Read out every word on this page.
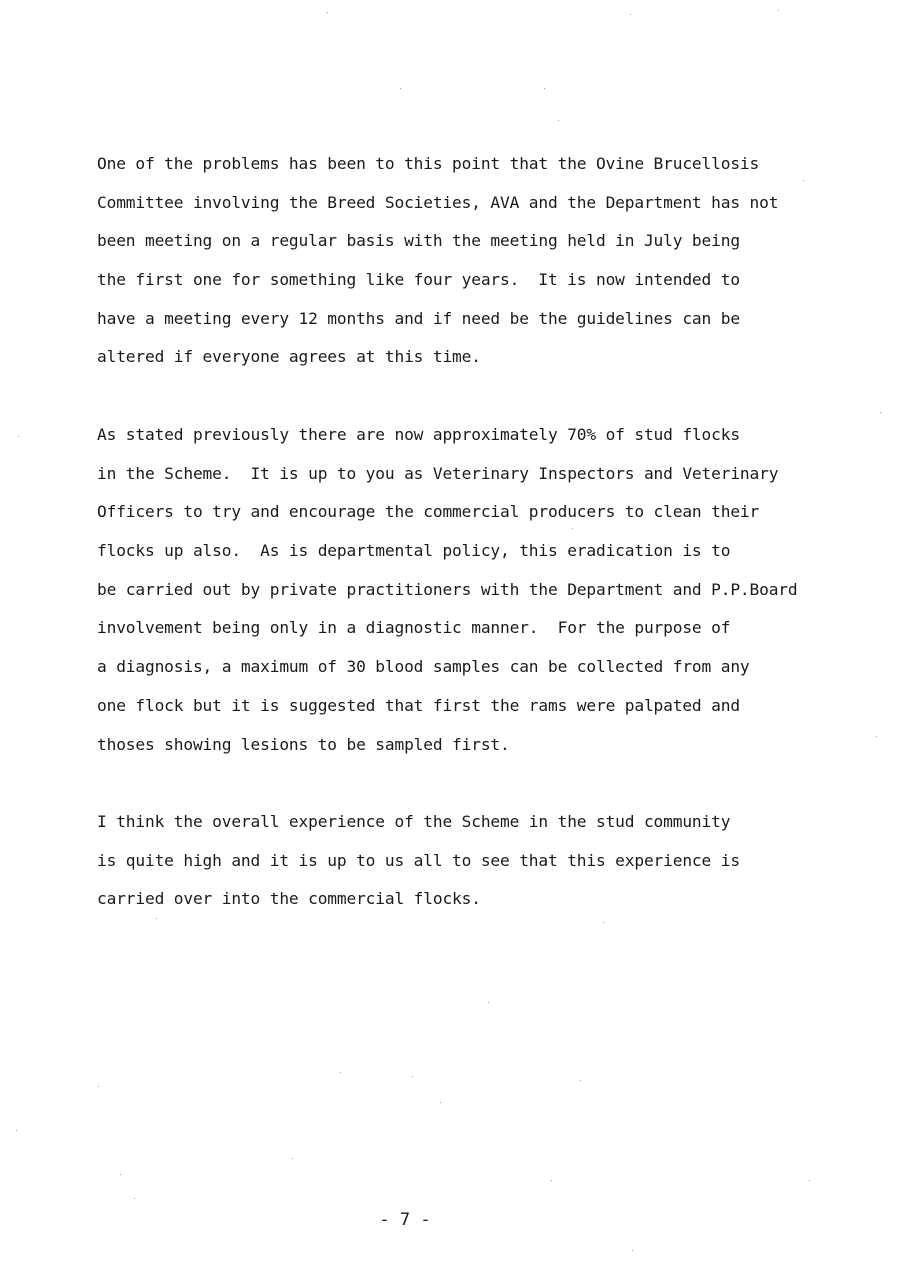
One of the problems has been to this point that the Ovine Brucellosis
Committee involving the Breed Societies, AVA and the Department has not
been meeting on a regular basis with the meeting held in July being
the first one for something like four years.  It is now intended to
have a meeting every 12 months and if need be the guidelines can be
altered if everyone agrees at this time.
As stated previously there are now approximately 70% of stud flocks
in the Scheme.  It is up to you as Veterinary Inspectors and Veterinary
Officers to try and encourage the commercial producers to clean their
flocks up also.  As is departmental policy, this eradication is to
be carried out by private practitioners with the Department and P.P.Board
involvement being only in a diagnostic manner.  For the purpose of
a diagnosis, a maximum of 30 blood samples can be collected from any
one flock but it is suggested that first the rams were palpated and
thoses showing lesions to be sampled first.
I think the overall experience of the Scheme in the stud community
is quite high and it is up to us all to see that this experience is
carried over into the commercial flocks.
- 7 -
